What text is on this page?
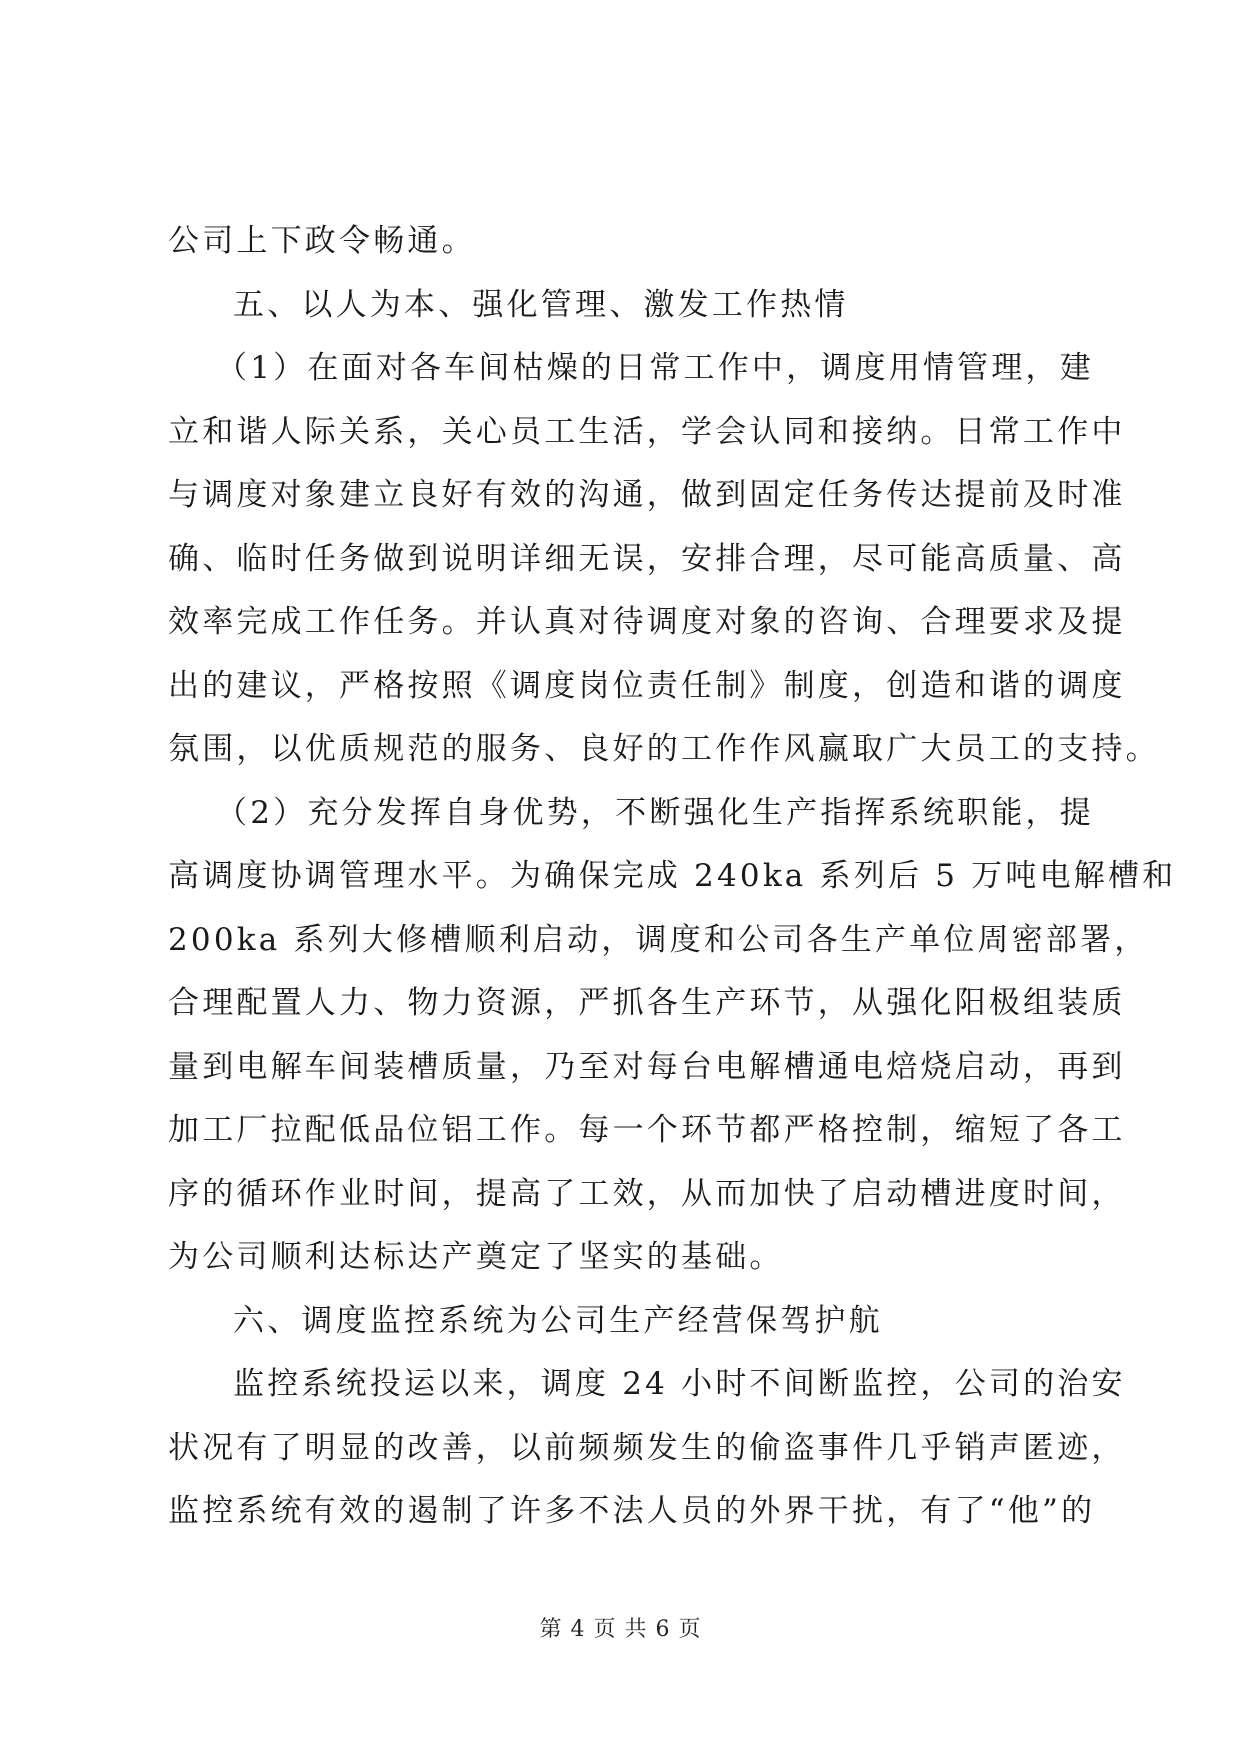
公司上下政令畅通。
五、以人为本、强化管理、激发工作热情
（1）在面对各车间枯燥的日常工作中，调度用情管理，建
立和谐人际关系，关心员工生活，学会认同和接纳。日常工作中
与调度对象建立良好有效的沟通，做到固定任务传达提前及时准
确、临时任务做到说明详细无误，安排合理，尽可能高质量、高
效率完成工作任务。并认真对待调度对象的咨询、合理要求及提
出的建议，严格按照《调度岗位责任制》制度，创造和谐的调度
氛围，以优质规范的服务、良好的工作作风赢取广大员工的支持。
（2）充分发挥自身优势，不断强化生产指挥系统职能，提
高调度协调管理水平。为确保完成 240ka 系列后 5 万吨电解槽和
200ka 系列大修槽顺利启动，调度和公司各生产单位周密部署，
合理配置人力、物力资源，严抓各生产环节，从强化阳极组装质
量到电解车间装槽质量，乃至对每台电解槽通电焙烧启动，再到
加工厂拉配低品位铝工作。每一个环节都严格控制，缩短了各工
序的循环作业时间，提高了工效，从而加快了启动槽进度时间，
为公司顺利达标达产奠定了坚实的基础。
六、调度监控系统为公司生产经营保驾护航
监控系统投运以来，调度 24 小时不间断监控，公司的治安
状况有了明显的改善，以前频频发生的偷盗事件几乎销声匿迹，
监控系统有效的遏制了许多不法人员的外界干扰，有了“他”的
第 4 页 共 6 页
